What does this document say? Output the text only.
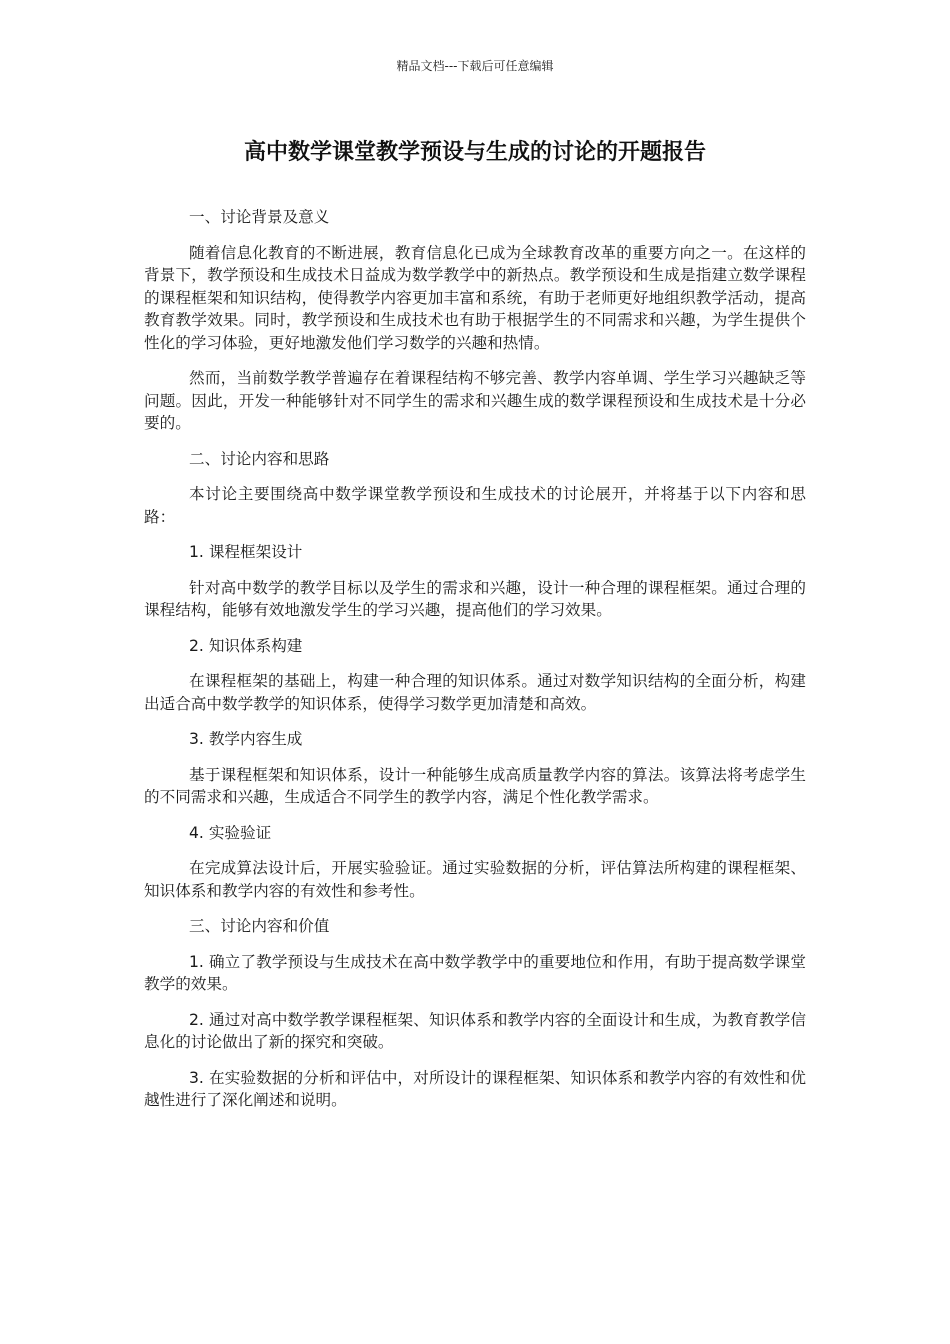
精品文档---下载后可任意编辑
高中数学课堂教学预设与生成的讨论的开题报告

一、讨论背景及意义

随着信息化教育的不断进展，教育信息化已成为全球教育改革的重要方向之一。在这样的背景下，教学预设和生成技术日益成为数学教学中的新热点。教学预设和生成是指建立数学课程的课程框架和知识结构，使得教学内容更加丰富和系统，有助于老师更好地组织教学活动，提高教育教学效果。同时，教学预设和生成技术也有助于根据学生的不同需求和兴趣，为学生提供个性化的学习体验，更好地激发他们学习数学的兴趣和热情。

然而，当前数学教学普遍存在着课程结构不够完善、教学内容单调、学生学习兴趣缺乏等问题。因此，开发一种能够针对不同学生的需求和兴趣生成的数学课程预设和生成技术是十分必要的。

二、讨论内容和思路

本讨论主要围绕高中数学课堂教学预设和生成技术的讨论展开，并将基于以下内容和思路：

1. 课程框架设计

针对高中数学的教学目标以及学生的需求和兴趣，设计一种合理的课程框架。通过合理的课程结构，能够有效地激发学生的学习兴趣，提高他们的学习效果。

2. 知识体系构建

在课程框架的基础上，构建一种合理的知识体系。通过对数学知识结构的全面分析，构建出适合高中数学教学的知识体系，使得学习数学更加清楚和高效。

3. 教学内容生成

基于课程框架和知识体系，设计一种能够生成高质量教学内容的算法。该算法将考虑学生的不同需求和兴趣，生成适合不同学生的教学内容，满足个性化教学需求。

4. 实验验证

在完成算法设计后，开展实验验证。通过实验数据的分析，评估算法所构建的课程框架、知识体系和教学内容的有效性和参考性。

三、讨论内容和价值

1. 确立了教学预设与生成技术在高中数学教学中的重要地位和作用，有助于提高数学课堂教学的效果。

2. 通过对高中数学教学课程框架、知识体系和教学内容的全面设计和生成，为教育教学信息化的讨论做出了新的探究和突破。

3. 在实验数据的分析和评估中，对所设计的课程框架、知识体系和教学内容的有效性和优越性进行了深化阐述和说明。
